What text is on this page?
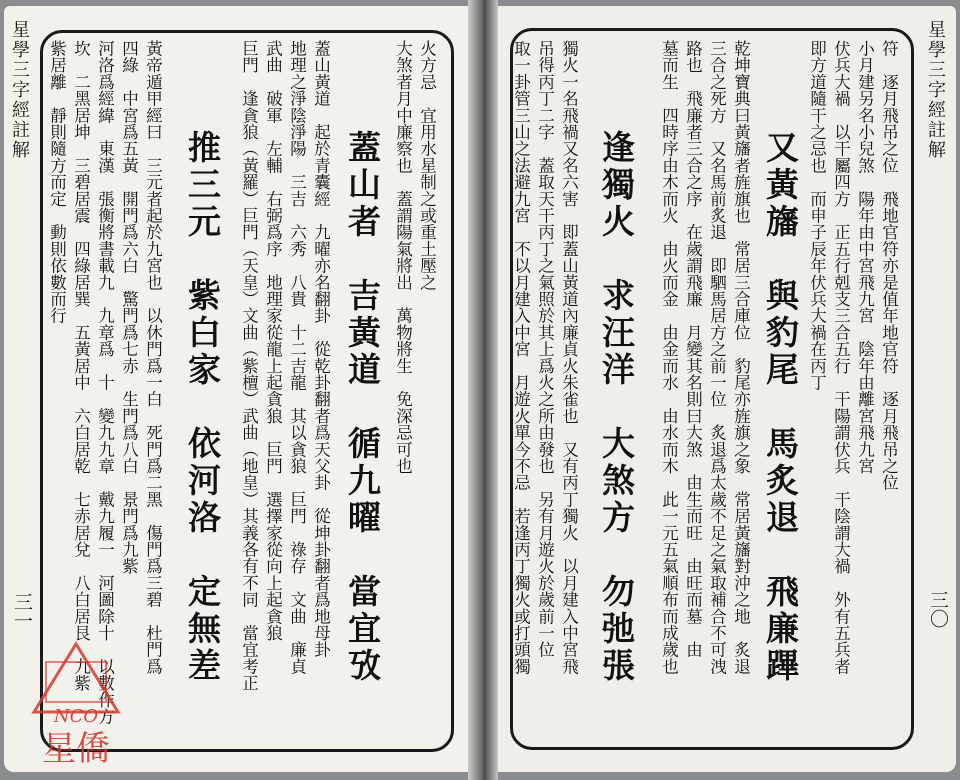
星學三字經註解
三一
火方忌　宜用水星制之或重土壓之
大煞者月中廉察也　蓋謂陽氣將出　萬物將生　免深忌可也
蓋山者　吉黃道　循九曜　當宜攷
蓋山黃道　起於青囊經　九曜亦名翻卦　從乾卦翻者爲天父卦　從坤卦翻者爲地母卦
地理之淨陰淨陽　三吉　六秀　八貴　十二吉龍　其以貪狼　巨門　祿存　文曲　廉貞
武曲　破軍　左輔　右弼爲序　地理家從龍上起貪狼　巨門　選擇家從向上起貪狼
巨門　逢貪狼（黃羅）巨門（天皇）文曲（紫檀）武曲（地皇）其義各有不同　當宜考正
推三元　紫白家　依河洛　定無差
黃帝遁甲經曰　三元者起於九宮也　以休門爲一白　死門爲二黑　傷門爲三碧　杜門爲
四綠　中宮爲五黃　開門爲六白　驚門爲七赤　生門爲八白　景門爲九紫
河洛爲經緯　東漢　張衡將書載九　九章爲　十　變九九章　戴九履一　河圖除十　以數作方
坎　二黑居坤　三碧居震　四綠居巽　五黃居中　六白居乾　七赤居兌　八白居艮　九紫
紫居離　靜則隨方而定　動則依數而行	星學三字經註解
三〇
符　逐月飛吊之位　飛地官符亦是值年地官符　逐月飛吊之位
小月建另名小兒煞　陽年由中宮飛九宮　陰年由離宮飛九宮
伏兵大禍　以干屬四方　正五行剋支三合五行　干陽謂伏兵　干陰謂大禍　外有五兵者
即方道隨干之忌也　而申子辰年伏兵大禍在丙丁
又黃旛　與豹尾　馬炙退　飛廉蹕
乾坤寶典曰黃旛者旌旗也　常居三合庫位　豹尾亦旌旗之象　常居黃旛對沖之地　炙退
三合之死方　又名馬前炙退　即駟馬居方之前一位　炙退爲太歲不足之氣取補合不可洩
路也　飛廉者三合之序　在歲謂飛廉　月變其名則曰大煞　由生而旺　由旺而墓　由
墓而生　四時序由木而火　由火而金　由金而水　由水而木　此一元五氣順布而成歲也
逢獨火　求汪洋　大煞方　勿弛張
獨火一名飛禍又名六害　即蓋山黃道內廉貞火朱雀也　又有丙丁獨火　以月建入中宮飛
吊得丙丁二字　蓋取天干丙丁之氣照於其上爲火之所由發也　另有月遊火於歲前一位
取一卦管三山之法避九宮　不以月建入中宮　月遊火單今不忌　若逢丙丁獨火或打頭獨
NCO
星僑
